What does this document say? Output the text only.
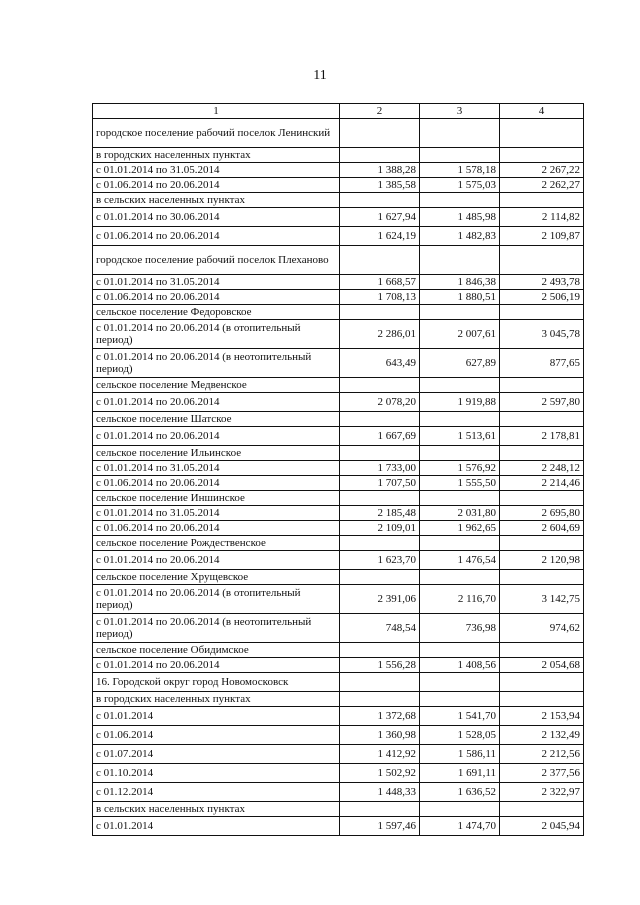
11
1	2	3	4
городское поселение рабочий поселок Ленинский			
в городских населенных пунктах			
с 01.01.2014 по 31.05.2014	1 388,28	1 578,18	2 267,22
с 01.06.2014 по 20.06.2014	1 385,58	1 575,03	2 262,27
в сельских населенных пунктах			
с 01.01.2014 по 30.06.2014	1 627,94	1 485,98	2 114,82
с 01.06.2014 по 20.06.2014	1 624,19	1 482,83	2 109,87
городское поселение рабочий поселок Плеханово			
с 01.01.2014 по 31.05.2014	1 668,57	1 846,38	2 493,78
с 01.06.2014 по 20.06.2014	1 708,13	1 880,51	2 506,19
сельское поселение Федоровское			
с 01.01.2014 по 20.06.2014 (в отопительный период)	2 286,01	2 007,61	3 045,78
с 01.01.2014 по 20.06.2014 (в неотопительный период)	643,49	627,89	877,65
сельское поселение Медвенское			
с 01.01.2014 по 20.06.2014	2 078,20	1 919,88	2 597,80
сельское поселение Шатское			
с 01.01.2014 по 20.06.2014	1 667,69	1 513,61	2 178,81
сельское поселение Ильинское			
с 01.01.2014 по 31.05.2014	1 733,00	1 576,92	2 248,12
с 01.06.2014 по 20.06.2014	1 707,50	1 555,50	2 214,46
сельское поселение Иншинское			
с 01.01.2014 по 31.05.2014	2 185,48	2 031,80	2 695,80
с 01.06.2014 по 20.06.2014	2 109,01	1 962,65	2 604,69
сельское поселение Рождественское			
с 01.01.2014 по 20.06.2014	1 623,70	1 476,54	2 120,98
сельское поселение Хрущевское			
с 01.01.2014 по 20.06.2014 (в отопительный период)	2 391,06	2 116,70	3 142,75
с 01.01.2014 по 20.06.2014 (в неотопительный период)	748,54	736,98	974,62
сельское поселение Обидимское			
с 01.01.2014 по 20.06.2014	1 556,28	1 408,56	2 054,68
16. Городской округ город Новомосковск			
в городских населенных пунктах			
с 01.01.2014	1 372,68	1 541,70	2 153,94
с 01.06.2014	1 360,98	1 528,05	2 132,49
с 01.07.2014	1 412,92	1 586,11	2 212,56
с 01.10.2014	1 502,92	1 691,11	2 377,56
с 01.12.2014	1 448,33	1 636,52	2 322,97
в сельских населенных пунктах			
с 01.01.2014	1 597,46	1 474,70	2 045,94
